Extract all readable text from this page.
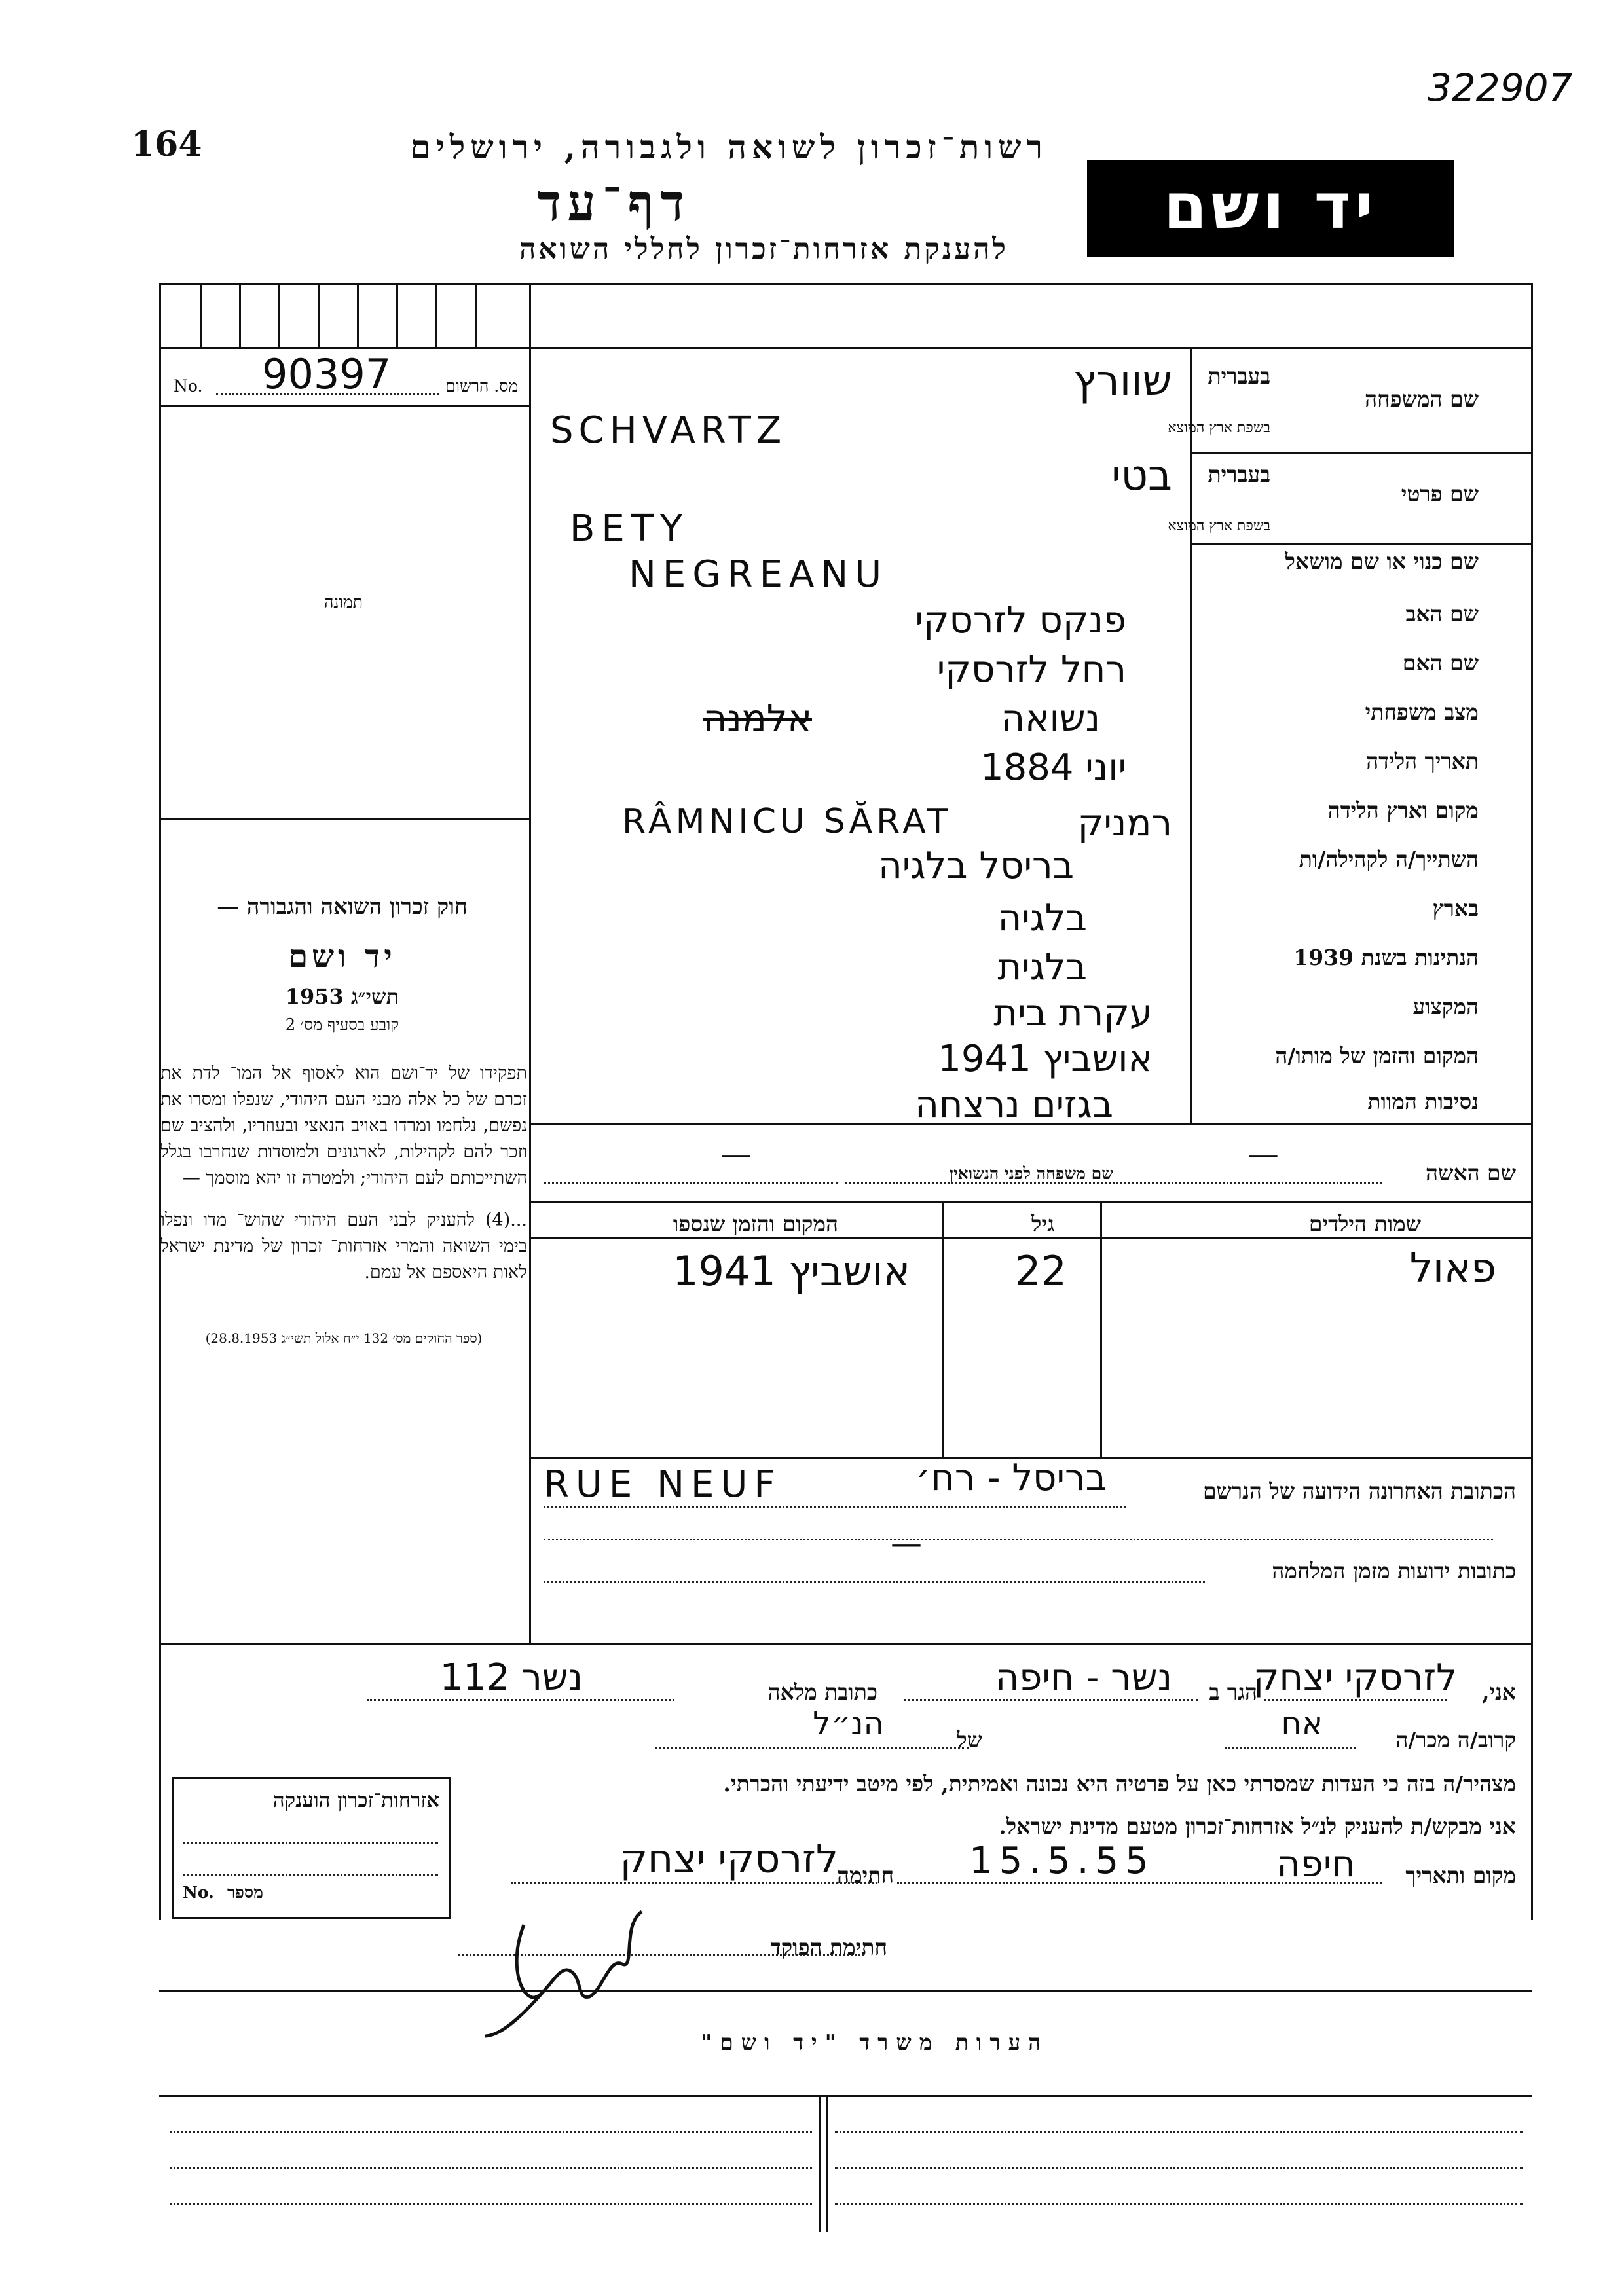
164
322907
רשות־זכרון לשואה ולגבורה, ירושלים
דף־עד
להענקת אזרחות־זכרון לחללי השואה
יד ושם
No. 90397	מס. הרשום
תמונה
חוק זכרון השואה והגבורה —
יד ושם
תשי״ג 1953
קובע בסעיף מס׳ 2
תפקידו של יד־ושם הוא לאסוף אל המו־ לדת את זכרם של כל אלה מבני העם היהודי, שנפלו ומסרו את נפשם, נלחמו ומרדו באויב הנאצי ובעוזריו, ולהציב שם וזכר להם לקהילות, לארגונים ולמוסדות שנחרבו בגלל השתייכותם לעם היהודי; ולמטרה זו יהא מוסמך —
...(4) להעניק לבני העם היהודי שהוש־ מדו ונפלו בימי השואה והמרי אזרחות־ זכרון של מדינת ישראל לאות היאספם אל עמם.
(ספר החוקים מס׳ 132 י״ח אלול תשי״ג 28.8.1953)
שם המשפחה
בעברית
בשפת ארץ המוצא
שם פרטי
בעברית
בשפת ארץ המוצא
שם כנוי או שם מושאל
שם האב
שם האם
מצב משפחתי
תאריך הלידה
מקום וארץ הלידה
השתייך/ה לקהילה/ות
בארץ
הנתינות בשנת 1939
המקצוע
המקום והזמן של מותו/ה
נסיבות המוות
שוורץ
SCHVARTZ
בטי
BETY
NEGREANU
פנקס לזרסקי
רחל לזרסקי
נשואה
אלמנה
יוני 1884
רמניק
RÂMNICU SĂRAT
בריסל בלגיה
בלגיה
בלגית
עקרת בית
אושביץ 1941
בגזים נרצחה
שם האשה
—
שם משפחה לפני הנשואין
—
שמות הילדים
גיל
המקום והזמן שנספו
פאול
22
אושביץ 1941
הכתובת האחרונה הידועה של הנרשם
RUE NEUF	בריסל - רח׳
כתובות ידועות מזמן המלחמה
—
אני,
לזרסקי יצחק
הגר ב
נשר - חיפה
כתובת מלאה
נשר 112
קרוב/ה מכר/ה
אח
של
הנ״ל
מצהיר/ה בזה כי העדות שמסרתי כאן על פרטיה היא נכונה ואמיתית, לפי מיטב ידיעתי והכרתי.
אני מבקש/ת להעניק לנ״ל אזרחות־זכרון מטעם מדינת ישראל.
מקום ותאריך
חיפה
15.5.55
חתימה
לזרסקי יצחק
חתימת הפוקד
אזרחות־זכרון הוענקה
No. מספר
הערות משרד "יד ושם"
